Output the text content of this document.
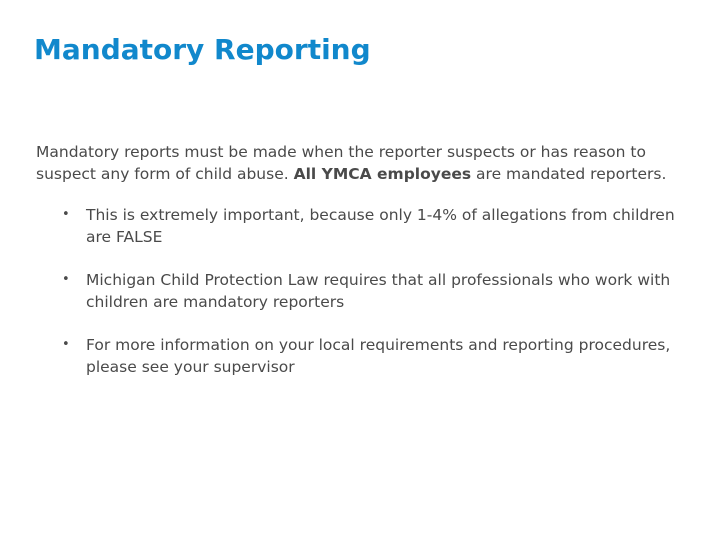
Mandatory Reporting

Mandatory reports must be made when the reporter suspects or has reason to suspect any form of child abuse. All YMCA employees are mandated reporters.

• This is extremely important, because only 1-4% of allegations from children are FALSE
• Michigan Child Protection Law requires that all professionals who work with children are mandatory reporters
• For more information on your local requirements and reporting procedures, please see your supervisor
